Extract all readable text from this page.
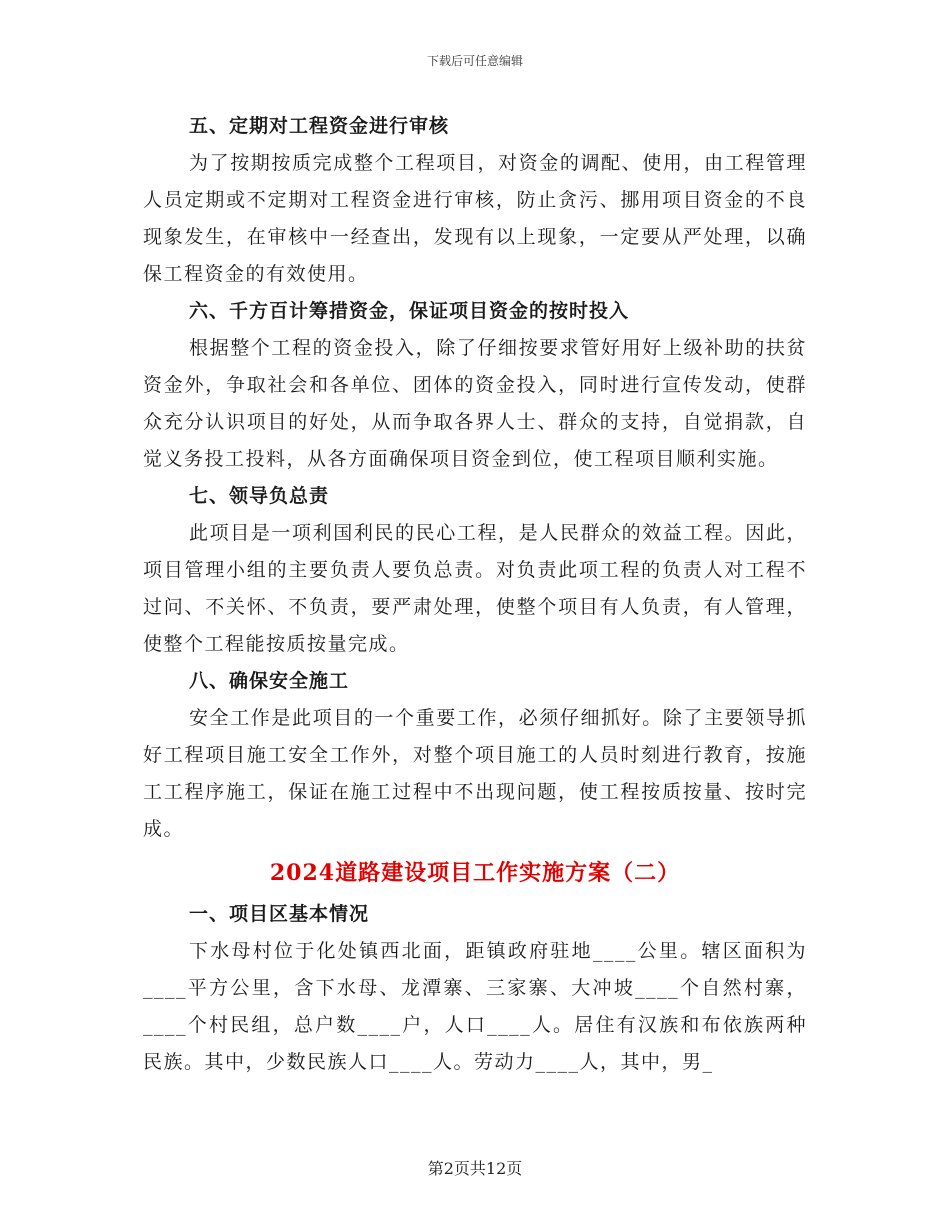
下载后可任意编辑

五、定期对工程资金进行审核

为了按期按质完成整个工程项目，对资金的调配、使用，由工程管理人员定期或不定期对工程资金进行审核，防止贪污、挪用项目资金的不良现象发生，在审核中一经查出，发现有以上现象，一定要从严处理，以确保工程资金的有效使用。

六、千方百计筹措资金，保证项目资金的按时投入

根据整个工程的资金投入，除了仔细按要求管好用好上级补助的扶贫资金外，争取社会和各单位、团体的资金投入，同时进行宣传发动，使群众充分认识项目的好处，从而争取各界人士、群众的支持，自觉捐款，自觉义务投工投料，从各方面确保项目资金到位，使工程项目顺利实施。

七、领导负总责

此项目是一项利国利民的民心工程，是人民群众的效益工程。因此，项目管理小组的主要负责人要负总责。对负责此项工程的负责人对工程不过问、不关怀、不负责，要严肃处理，使整个项目有人负责，有人管理，使整个工程能按质按量完成。

八、确保安全施工

安全工作是此项目的一个重要工作，必须仔细抓好。除了主要领导抓好工程项目施工安全工作外，对整个项目施工的人员时刻进行教育，按施工工程序施工，保证在施工过程中不出现问题，使工程按质按量、按时完成。

2024道路建设项目工作实施方案（二）

一、项目区基本情况

下水母村位于化处镇西北面，距镇政府驻地____公里。辖区面积为____平方公里，含下水母、龙潭寨、三家寨、大冲坡____个自然村寨，____个村民组，总户数____户，人口____人。居住有汉族和布依族两种民族。其中，少数民族人口____人。劳动力____人，其中，男_

第2页共12页
